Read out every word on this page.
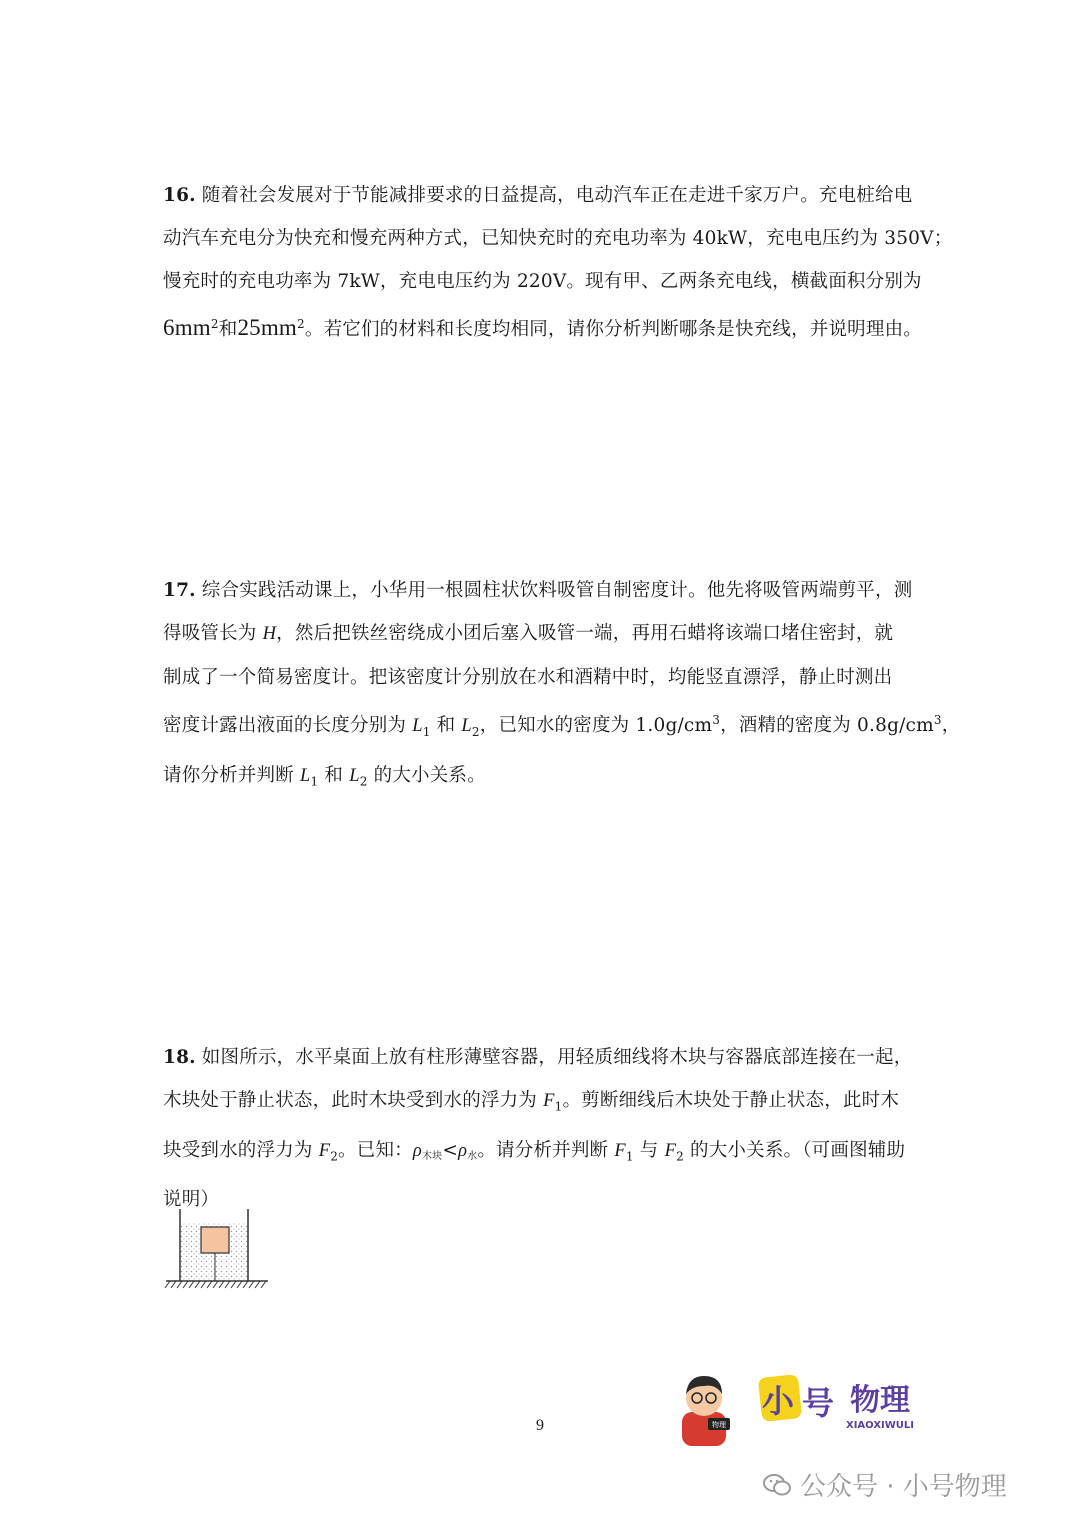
16. 随着社会发展对于节能减排要求的日益提高，电动汽车正在走进千家万户。充电桩给电
动汽车充电分为快充和慢充两种方式，已知快充时的充电功率为 40kW，充电电压约为 350V；
慢充时的充电功率为 7kW，充电电压约为 220V。现有甲、乙两条充电线，横截面积分别为
$6mm^2$和$25mm^2$。若它们的材料和长度均相同，请你分析判断哪条是快充线，并说明理由。
17. 综合实践活动课上，小华用一根圆柱状饮料吸管自制密度计。他先将吸管两端剪平，测
得吸管长为 H，然后把铁丝密绕成小团后塞入吸管一端，再用石蜡将该端口堵住密封，就
制成了一个简易密度计。把该密度计分别放在水和酒精中时，均能竖直漂浮，静止时测出
密度计露出液面的长度分别为 $L_1$ 和 $L_2$，已知水的密度为 $1.0g/cm^3$，酒精的密度为 $0.8g/cm^3$，
请你分析并判断 $L_1$ 和 $L_2$ 的大小关系。
18. 如图所示，水平桌面上放有柱形薄壁容器，用轻质细线将木块与容器底部连接在一起，
木块处于静止状态，此时木块受到水的浮力为 $F_1$。剪断细线后木块处于静止状态，此时木
块受到水的浮力为 $F_2$。已知：ρ木块<ρ水。请分析并判断 $F_1$ 与 $F_2$ 的大小关系。（可画图辅助
说明）
9	物理
小 号 物理
XIAOXIWULI
公众号 · 小号物理
